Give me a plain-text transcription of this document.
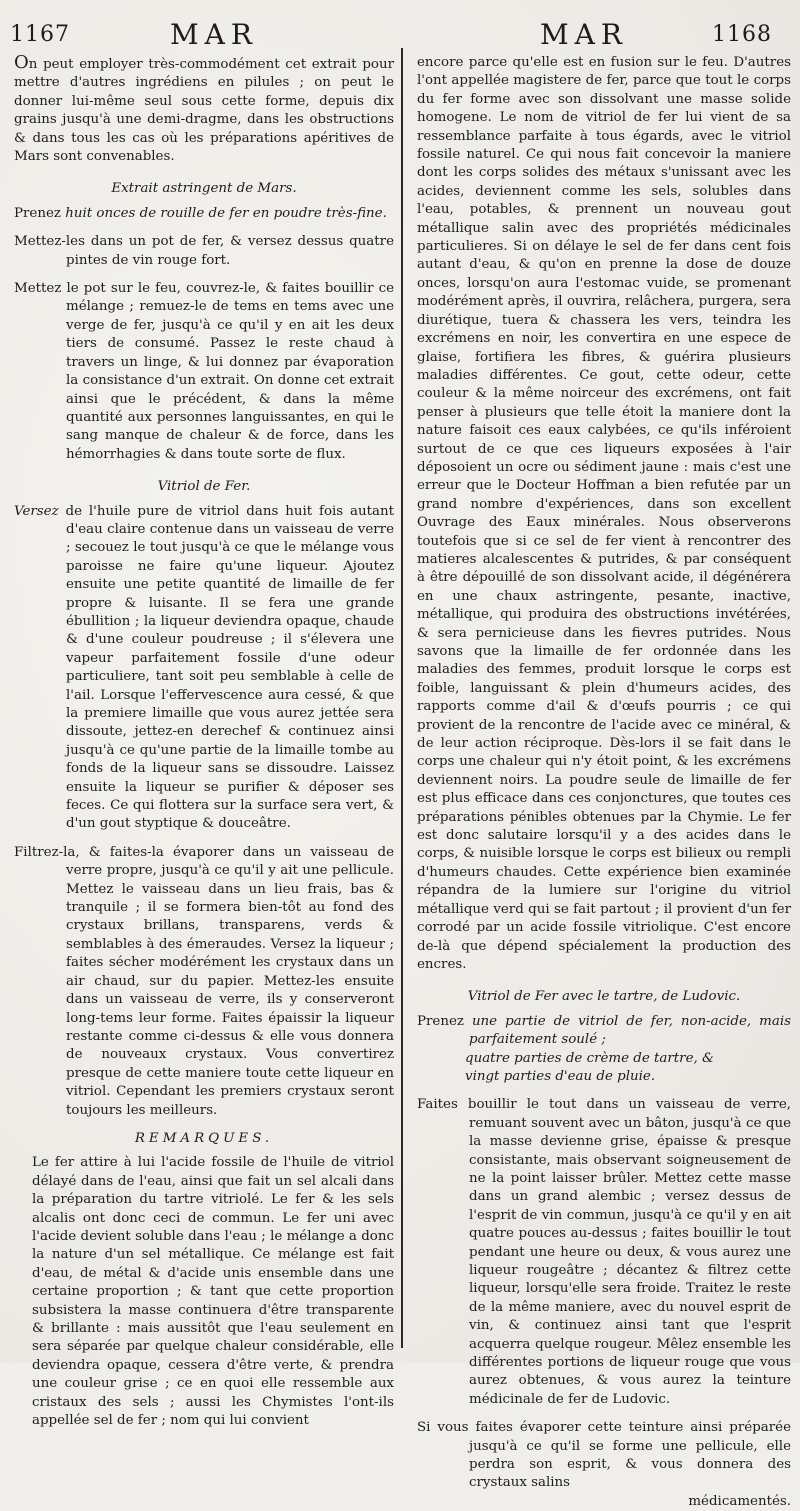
1167	MAR	MAR	1168

On peut employer très-commodément cet extrait pour mettre d'autres ingrédiens en pilules ; on peut le donner lui-même seul sous cette forme, depuis dix grains jusqu'à une demi-dragme, dans les obstructions & dans tous les cas où les préparations apéritives de Mars sont convenables.

Extrait astringent de Mars.

Prenez huit onces de rouille de fer en poudre très-fine.

Mettez-les dans un pot de fer, & versez dessus quatre pintes de vin rouge fort.

Mettez le pot sur le feu, couvrez-le, & faites bouillir ce mélange ; remuez-le de tems en tems avec une verge de fer, jusqu'à ce qu'il y en ait les deux tiers de consumé. Passez le reste chaud à travers un linge, & lui donnez par évaporation la consistance d'un extrait. On donne cet extrait ainsi que le précédent, & dans la même quantité aux personnes languissantes, en qui le sang manque de chaleur & de force, dans les hémorrhagies & dans toute sorte de flux.

Vitriol de Fer.

Versez de l'huile pure de vitriol dans huit fois autant d'eau claire contenue dans un vaisseau de verre ; secouez le tout jusqu'à ce que le mélange vous paroisse ne faire qu'une liqueur. Ajoutez ensuite une petite quantité de limaille de fer propre & luisante. Il se fera une grande ébullition ; la liqueur deviendra opaque, chaude & d'une couleur poudreuse ; il s'élevera une vapeur parfaitement fossile d'une odeur particuliere, tant soit peu semblable à celle de l'ail. Lorsque l'effervescence aura cessé, & que la premiere limaille que vous aurez jettée sera dissoute, jettez-en derechef & continuez ainsi jusqu'à ce qu'une partie de la limaille tombe au fonds de la liqueur sans se dissoudre. Laissez ensuite la liqueur se purifier & déposer ses feces. Ce qui flottera sur la surface sera vert, & d'un gout styptique & douceâtre.

Filtrez-la, & faites-la évaporer dans un vaisseau de verre propre, jusqu'à ce qu'il y ait une pellicule. Mettez le vaisseau dans un lieu frais, bas & tranquile ; il se formera bien-tôt au fond des crystaux brillans, transparens, verds & semblables à des émeraudes. Versez la liqueur ; faites sécher modérément les crystaux dans un air chaud, sur du papier. Mettez-les ensuite dans un vaisseau de verre, ils y conserveront long-tems leur forme. Faites épaissir la liqueur restante comme ci-dessus & elle vous donnera de nouveaux crystaux. Vous convertirez presque de cette maniere toute cette liqueur en vitriol. Cependant les premiers crystaux seront toujours les meilleurs.

REMARQUES.

Le fer attire à lui l'acide fossile de l'huile de vitriol délayé dans de l'eau, ainsi que fait un sel alcali dans la préparation du tartre vitriolé. Le fer & les sels alcalis ont donc ceci de commun. Le fer uni avec l'acide devient soluble dans l'eau ; le mélange a donc la nature d'un sel métallique. Ce mélange est fait d'eau, de métal & d'acide unis ensemble dans une certaine proportion ; & tant que cette proportion subsistera la masse continuera d'être transparente & brillante : mais aussitôt que l'eau seulement en sera séparée par quelque chaleur considérable, elle deviendra opaque, cessera d'être verte, & prendra une couleur grise ; ce en quoi elle ressemble aux cristaux des sels ; aussi les Chymistes l'ont-ils appellée sel de fer ; nom qui lui convient

encore parce qu'elle est en fusion sur le feu. D'autres l'ont appellée magistere de fer, parce que tout le corps du fer forme avec son dissolvant une masse solide homogene. Le nom de vitriol de fer lui vient de sa ressemblance parfaite à tous égards, avec le vitriol fossile naturel. Ce qui nous fait concevoir la maniere dont les corps solides des métaux s'unissant avec les acides, deviennent comme les sels, solubles dans l'eau, potables, & prennent un nouveau gout métallique salin avec des propriétés médicinales particulieres. Si on délaye le sel de fer dans cent fois autant d'eau, & qu'on en prenne la dose de douze onces, lorsqu'on aura l'estomac vuide, se promenant modérément après, il ouvrira, relâchera, purgera, sera diurétique, tuera & chassera les vers, teindra les excrémens en noir, les convertira en une espece de glaise, fortifiera les fibres, & guérira plusieurs maladies différentes. Ce gout, cette odeur, cette couleur & la même noirceur des excrémens, ont fait penser à plusieurs que telle étoit la maniere dont la nature faisoit ces eaux calybées, ce qu'ils inféroient surtout de ce que ces liqueurs exposées à l'air déposoient un ocre ou sédiment jaune : mais c'est une erreur que le Docteur Hoffman a bien refutée par un grand nombre d'expériences, dans son excellent Ouvrage des Eaux minérales. Nous observerons toutefois que si ce sel de fer vient à rencontrer des matieres alcalescentes & putrides, & par conséquent à être dépouillé de son dissolvant acide, il dégénérera en une chaux astringente, pesante, inactive, métallique, qui produira des obstructions invétérées, & sera pernicieuse dans les fievres putrides. Nous savons que la limaille de fer ordonnée dans les maladies des femmes, produit lorsque le corps est foible, languissant & plein d'humeurs acides, des rapports comme d'ail & d'œufs pourris ; ce qui provient de la rencontre de l'acide avec ce minéral, & de leur action réciproque. Dès-lors il se fait dans le corps une chaleur qui n'y étoit point, & les excrémens deviennent noirs. La poudre seule de limaille de fer est plus efficace dans ces conjonctures, que toutes ces préparations pénibles obtenues par la Chymie. Le fer est donc salutaire lorsqu'il y a des acides dans le corps, & nuisible lorsque le corps est bilieux ou rempli d'humeurs chaudes. Cette expérience bien examinée répandra de la lumiere sur l'origine du vitriol métallique verd qui se fait partout ; il provient d'un fer corrodé par un acide fossile vitriolique. C'est encore de-là que dépend spécialement la production des encres.

Vitriol de Fer avec le tartre, de Ludovic.

Prenez une partie de vitriol de fer, non-acide, mais parfaitement soulé ;

quatre parties de crème de tartre, &

vingt parties d'eau de pluie.

Faites bouillir le tout dans un vaisseau de verre, remuant souvent avec un bâton, jusqu'à ce que la masse devienne grise, épaisse & presque consistante, mais observant soigneusement de ne la point laisser brûler. Mettez cette masse dans un grand alembic ; versez dessus de l'esprit de vin commun, jusqu'à ce qu'il y en ait quatre pouces au-dessus ; faites bouillir le tout pendant une heure ou deux, & vous aurez une liqueur rougeâtre ; décantez & filtrez cette liqueur, lorsqu'elle sera froide. Traitez le reste de la même maniere, avec du nouvel esprit de vin, & continuez ainsi tant que l'esprit acquerra quelque rougeur. Mêlez ensemble les différentes portions de liqueur rouge que vous aurez obtenues, & vous aurez la teinture médicinale de fer de Ludovic.

Si vous faites évaporer cette teinture ainsi préparée jusqu'à ce qu'il se forme une pellicule, elle perdra son esprit, & vous donnera des crystaux salins

médicamentés.
